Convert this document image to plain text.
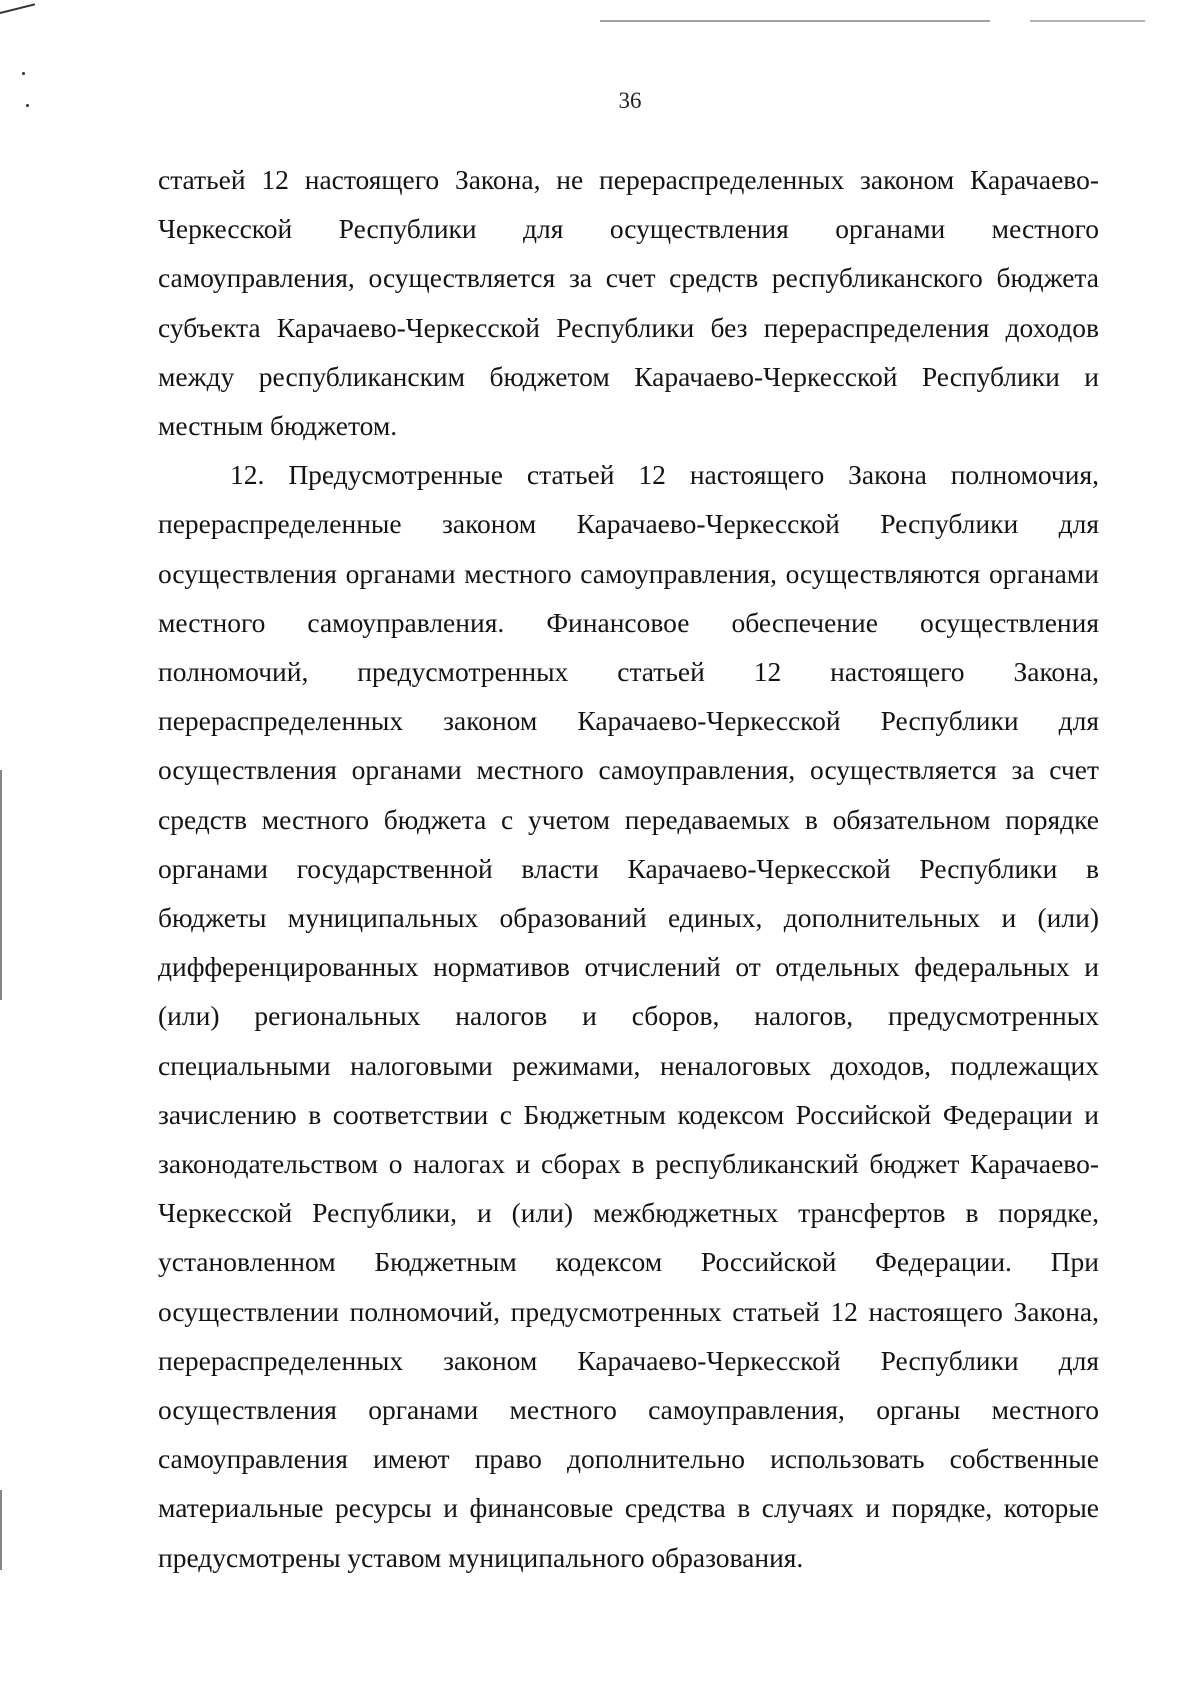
36

статьей 12 настоящего Закона, не перераспределенных законом Карачаево-Черкесской Республики для осуществления органами местного самоуправления, осуществляется за счет средств республиканского бюджета субъекта Карачаево-Черкесской Республики без перераспределения доходов между республиканским бюджетом Карачаево-Черкесской Республики и местным бюджетом.

12. Предусмотренные статьей 12 настоящего Закона полномочия, перераспределенные законом Карачаево-Черкесской Республики для осуществления органами местного самоуправления, осуществляются органами местного самоуправления. Финансовое обеспечение осуществления полномочий, предусмотренных статьей 12 настоящего Закона, перераспределенных законом Карачаево-Черкесской Республики для осуществления органами местного самоуправления, осуществляется за счет средств местного бюджета с учетом передаваемых в обязательном порядке органами государственной власти Карачаево-Черкесской Республики в бюджеты муниципальных образований единых, дополнительных и (или) дифференцированных нормативов отчислений от отдельных федеральных и (или) региональных налогов и сборов, налогов, предусмотренных специальными налоговыми режимами, неналоговых доходов, подлежащих зачислению в соответствии с Бюджетным кодексом Российской Федерации и законодательством о налогах и сборах в республиканский бюджет Карачаево-Черкесской Республики, и (или) межбюджетных трансфертов в порядке, установленном Бюджетным кодексом Российской Федерации. При осуществлении полномочий, предусмотренных статьей 12 настоящего Закона, перераспределенных законом Карачаево-Черкесской Республики для осуществления органами местного самоуправления, органы местного самоуправления имеют право дополнительно использовать собственные материальные ресурсы и финансовые средства в случаях и порядке, которые предусмотрены уставом муниципального образования.
